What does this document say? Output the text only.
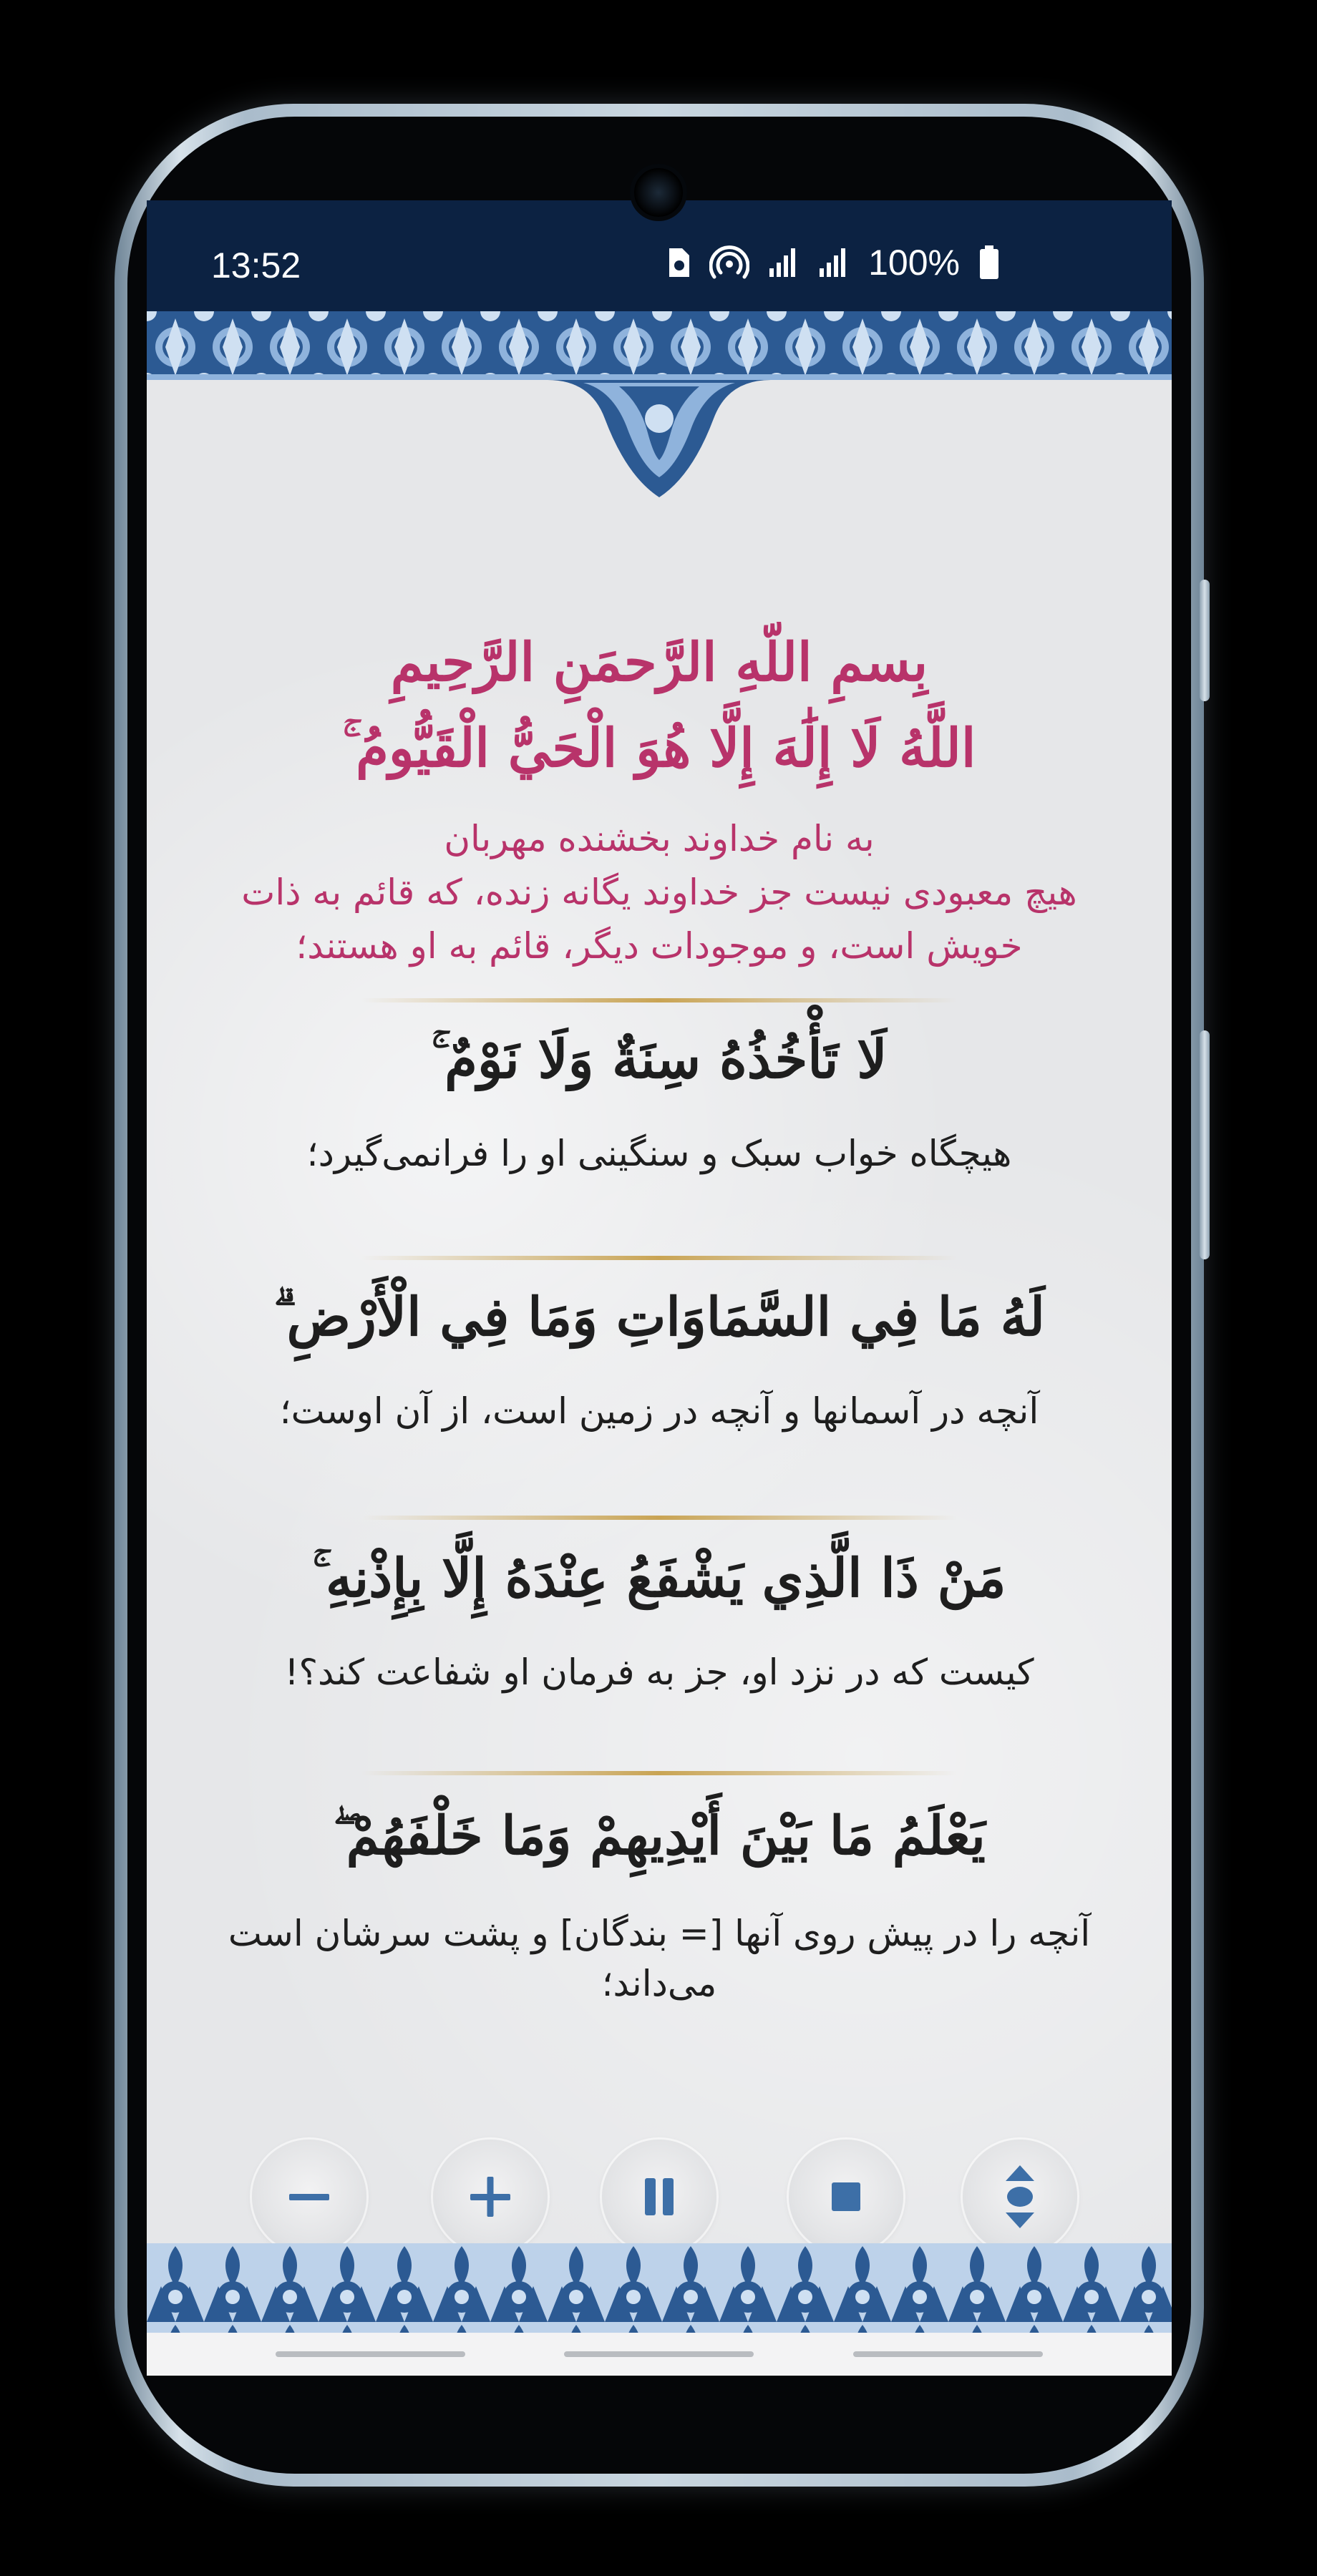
13:52	100%
بِسمِ اللّهِ الرَّحمَنِ الرَّحِیمِ
اللَّهُ لَا إِلَٰهَ إِلَّا هُوَ الْحَيُّ الْقَيُّومُ ۚ
به نام خداوند بخشنده مهربان
هیچ معبودی نیست جز خداوند یگانه زنده، که قائم به ذات
خویش است، و موجودات دیگر، قائم به او هستند؛
لَا تَأْخُذُهُ سِنَةٌ وَلَا نَوْمٌ ۚ
هیچگاه خواب سبک و سنگینی او را فرانمی‌گیرد؛
لَهُ مَا فِي السَّمَاوَاتِ وَمَا فِي الْأَرْضِ ۗ
آنچه در آسمانها و آنچه در زمین است، از آن اوست؛
مَنْ ذَا الَّذِي يَشْفَعُ عِنْدَهُ إِلَّا بِإِذْنِهِ ۚ
کیست که در نزد او، جز به فرمان او شفاعت کند؟!
يَعْلَمُ مَا بَيْنَ أَيْدِيهِمْ وَمَا خَلْفَهُمْ ۖ
آنچه را در پیش روی آنها [= بندگان] و پشت سرشان است
می‌داند؛
